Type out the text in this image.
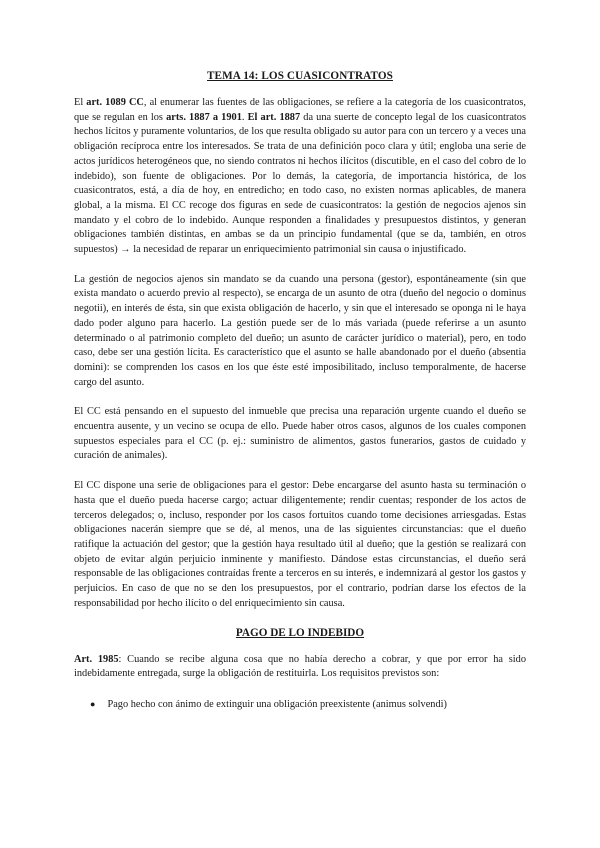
TEMA 14: LOS CUASICONTRATOS

El art. 1089 CC, al enumerar las fuentes de las obligaciones, se refiere a la categoría de los cuasicontratos, que se regulan en los arts. 1887 a 1901. El art. 1887 da una suerte de concepto legal de los cuasicontratos hechos lícitos y puramente voluntarios, de los que resulta obligado su autor para con un tercero y a veces una obligación recíproca entre los interesados. Se trata de una definición poco clara y útil; engloba una serie de actos jurídicos heterogéneos que, no siendo contratos ni hechos ilícitos (discutible, en el caso del cobro de lo indebido), son fuente de obligaciones. Por lo demás, la categoría, de importancia histórica, de los cuasicontratos, está, a día de hoy, en entredicho; en todo caso, no existen normas aplicables, de manera global, a la misma. El CC recoge dos figuras en sede de cuasicontratos: la gestión de negocios ajenos sin mandato y el cobro de lo indebido. Aunque responden a finalidades y presupuestos distintos, y generan obligaciones también distintas, en ambas se da un principio fundamental (que se da, también, en otros supuestos) → la necesidad de reparar un enriquecimiento patrimonial sin causa o injustificado.

La gestión de negocios ajenos sin mandato se da cuando una persona (gestor), espontáneamente (sin que exista mandato o acuerdo previo al respecto), se encarga de un asunto de otra (dueño del negocio o dominus negotii), en interés de ésta, sin que exista obligación de hacerlo, y sin que el interesado se oponga ni le haya dado poder alguno para hacerlo. La gestión puede ser de lo más variada (puede referirse a un asunto determinado o al patrimonio completo del dueño; un asunto de carácter jurídico o material), pero, en todo caso, debe ser una gestión lícita. Es característico que el asunto se halle abandonado por el dueño (absentia domini): se comprenden los casos en los que éste esté imposibilitado, incluso temporalmente, de hacerse cargo del asunto.

El CC está pensando en el supuesto del inmueble que precisa una reparación urgente cuando el dueño se encuentra ausente, y un vecino se ocupa de ello. Puede haber otros casos, algunos de los cuales componen supuestos especiales para el CC (p. ej.: suministro de alimentos, gastos funerarios, gastos de cuidado y curación de animales).

El CC dispone una serie de obligaciones para el gestor: Debe encargarse del asunto hasta su terminación o hasta que el dueño pueda hacerse cargo; actuar diligentemente; rendir cuentas; responder de los actos de terceros delegados; o, incluso, responder por los casos fortuitos cuando tome decisiones arriesgadas. Estas obligaciones nacerán siempre que se dé, al menos, una de las siguientes circunstancias: que el dueño ratifique la actuación del gestor; que la gestión haya resultado útil al dueño; que la gestión se realizará con objeto de evitar algún perjuicio inminente y manifiesto. Dándose estas circunstancias, el dueño será responsable de las obligaciones contraídas frente a terceros en su interés, e indemnizará al gestor los gastos y perjuicios. En caso de que no se den los presupuestos, por el contrario, podrían darse los efectos de la responsabilidad por hecho ilícito o del enriquecimiento sin causa.

PAGO DE LO INDEBIDO

Art. 1985: Cuando se recibe alguna cosa que no había derecho a cobrar, y que por error ha sido indebidamente entregada, surge la obligación de restituirla. Los requisitos previstos son:

● Pago hecho con ánimo de extinguir una obligación preexistente (animus solvendi)
